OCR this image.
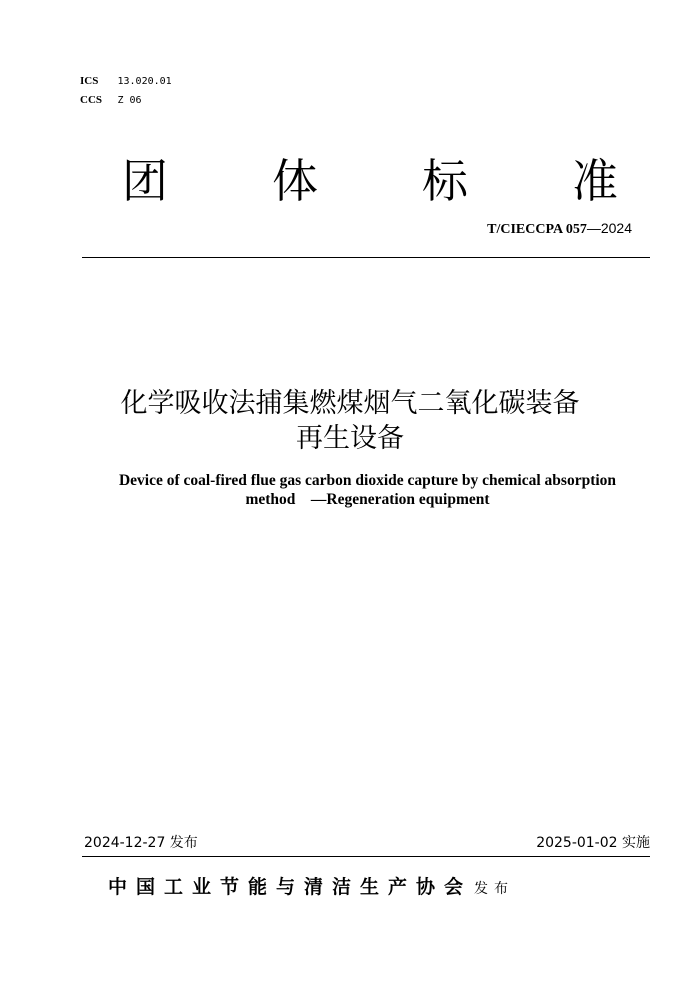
ICS 13.020.01
CCS Z 06
团 体 标 准
T/CIECCPA 057—2024
化学吸收法捕集燃煤烟气二氧化碳装备
再生设备
Device of coal-fired flue gas carbon dioxide capture by chemical absorption
method    —Regeneration equipment
2024-12-27 发布	2025-01-02 实施
中国工业节能与清洁生产协会 发布
